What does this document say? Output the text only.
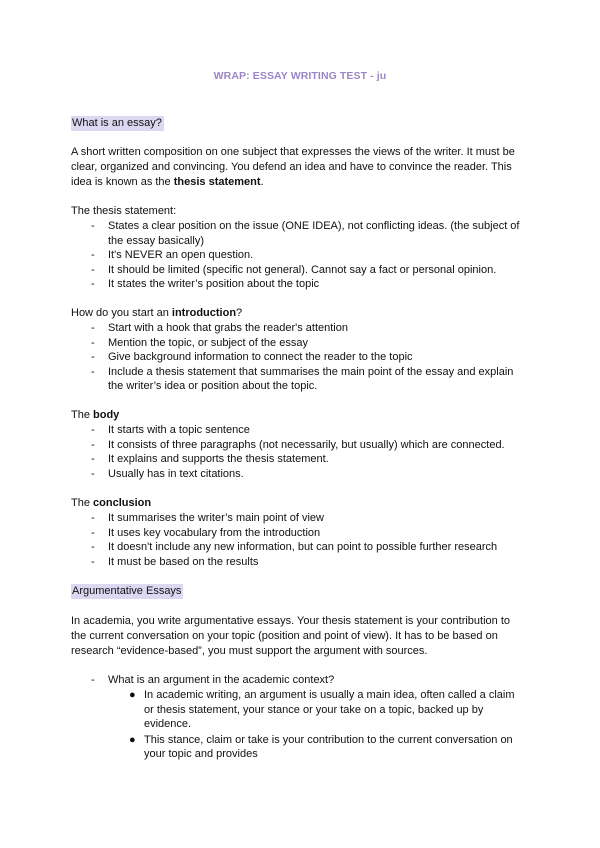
WRAP: ESSAY WRITING TEST - ju
What is an essay?

A short written composition on one subject that expresses the views of the writer. It must be
clear, organized and convincing. You defend an idea and have to convince the reader. This
idea is known as the thesis statement.

The thesis statement:
- States a clear position on the issue (ONE IDEA), not conflicting ideas. (the subject of the essay basically)
- It's NEVER an open question.
- It should be limited (specific not general). Cannot say a fact or personal opinion.
- It states the writer’s position about the topic
How do you start an introduction?
- Start with a hook that grabs the reader's attention
- Mention the topic, or subject of the essay
- Give background information to connect the reader to the topic
- Include a thesis statement that summarises the main point of the essay and explain the writer’s idea or position about the topic.
The body
- It starts with a topic sentence
- It consists of three paragraphs (not necessarily, but usually) which are connected.
- It explains and supports the thesis statement.
- Usually has in text citations.
The conclusion
- It summarises the writer’s main point of view
- It uses key vocabulary from the introduction
- It doesn't include any new information, but can point to possible further research
- It must be based on the results
Argumentative Essays

In academia, you write argumentative essays. Your thesis statement is your contribution to
the current conversation on your topic (position and point of view). It has to be based on
research “evidence-based”, you must support the argument with sources.

- What is an argument in the academic context?
● In academic writing, an argument is usually a main idea, often called a claim or thesis statement, your stance or your take on a topic, backed up by evidence.
● This stance, claim or take is your contribution to the current conversation on your topic and provides
